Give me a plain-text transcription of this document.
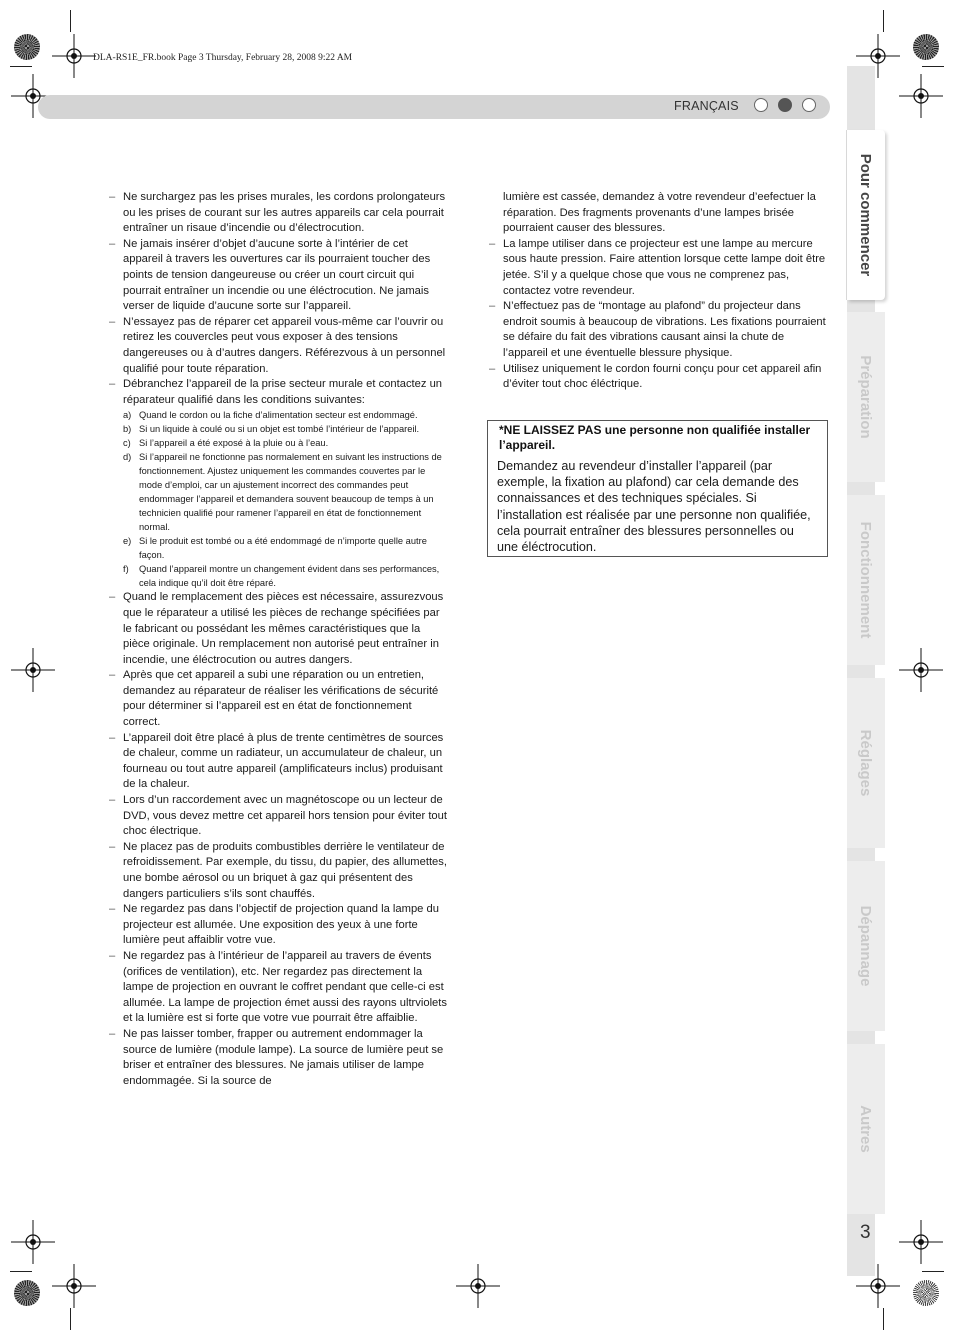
DLA-RS1E_FR.book Page 3 Thursday, February 28, 2008 9:22 AM
FRANÇAIS
Préparation
Fonctionnement
Réglages
Dépannage
Autres
Pour commencer
3
– Ne surchargez pas les prises murales, les cordons prolongateurs ou les prises de courant sur les autres appareils car cela pourrait entraîner un risaue d’incendie ou d’électrocution.
– Ne jamais insérer d’objet d’aucune sorte à l’intérier de cet appareil à travers les ouvertures car ils pourraient toucher des points de tension dangeureuse ou créer un court circuit qui pourrait entraîner un incendie ou une éléctrocution. Ne jamais verser de liquide d’aucune sorte sur l’appareil.
– N’essayez pas de réparer cet appareil vous-même car l’ouvrir ou retirez les couvercles peut vous exposer à des tensions dangereuses ou à d’autres dangers. Référezvous à un personnel qualifié pour toute réparation.
– Débranchez l’appareil de la prise secteur murale et contactez un réparateur qualifié dans les conditions suivantes:
a) Quand le cordon ou la fiche d’alimentation secteur est endommagé.
b) Si un liquide à coulé ou si un objet est tombé l’intérieur de l’appareil.
c) Si l’appareil a été exposé à la pluie ou à l’eau.
d) Si l’appareil ne fonctionne pas normalement en suivant les instructions de fonctionnement. Ajustez uniquement les commandes couvertes par le mode d’emploi, car un ajustement incorrect des commandes peut endommager l’appareil et demandera souvent beaucoup de temps à un technicien qualifié pour ramener l’appareil en état de fonctionnement normal.
e) Si le produit est tombé ou a été endommagé de n’importe quelle autre façon.
f) Quand l’appareil montre un changement évident dans ses performances, cela indique qu’il doit être réparé.
– Quand le remplacement des pièces est nécessaire, assurezvous que le réparateur a utilisé les pièces de rechange spécifiées par le fabricant ou possédant les mêmes caractéristiques que la pièce originale. Un remplacement non autorisé peut entraîner in incendie, une éléctrocution ou autres dangers.
– Après que cet appareil a subi une réparation ou un entretien, demandez au réparateur de réaliser les vérifications de sécurité pour déterminer si l’appareil est en état de fonctionnement correct.
– L’appareil doit être placé à plus de trente centimètres de sources de chaleur, comme un radiateur, un accumulateur de chaleur, un fourneau ou tout autre appareil (amplificateurs inclus) produisant de la chaleur.
– Lors d’un raccordement avec un magnétoscope ou un lecteur de DVD, vous devez mettre cet appareil hors tension pour éviter tout choc électrique.
– Ne placez pas de produits combustibles derrière le ventilateur de refroidissement. Par exemple, du tissu, du papier, des allumettes, une bombe aérosol ou un briquet à gaz qui présentent des dangers particuliers s’ils sont chauffés.
– Ne regardez pas dans l’objectif de projection quand la lampe du projecteur est allumée. Une exposition des yeux à une forte lumière peut affaiblir votre vue.
– Ne regardez pas à l’intérieur de l’appareil au travers de évents (orifices de ventilation), etc. Ner regardez pas directement la lampe de projection en ouvrant le coffret pendant que celle-ci est allumée. La lampe de projection émet aussi des rayons ultrviolets et la lumière est si forte que votre vue pourrait être affaiblie.
– Ne pas laisser tomber, frapper ou autrement endommager la source de lumière (module lampe). La source de lumière peut se briser et entraîner des blessures. Ne jamais utiliser de lampe endommagée. Si la source de
lumière est cassée, demandez à votre revendeur d’eefectuer la réparation. Des fragments provenants d’une lampes brisée pourraient causer des blessures.
– La lampe utiliser dans ce projecteur est une lampe au mercure sous haute pression. Faire attention lorsque cette lampe doit être jetée. S’il y a quelque chose que vous ne comprenez pas, contactez votre revendeur.
– N’effectuez pas de “montage au plafond” du projecteur dans endroit soumis à beaucoup de vibrations. Les fixations pourraient se défaire du fait des vibrations causant ainsi la chute de l’appareil et une éventuelle blessure physique.
– Utilisez uniquement le cordon fourni conçu pour cet appareil afin d’éviter tout choc éléctrique.
*NE LAISSEZ PAS une personne non qualifiée installer l’appareil.
Demandez au revendeur d’installer l’appareil (par exemple, la fixation au plafond) car cela demande des connaissances et des techniques spéciales. Si l’installation est réalisée par une personne non qualifiée, cela pourrait entraîner des blessures personnelles ou une éléctrocution.
